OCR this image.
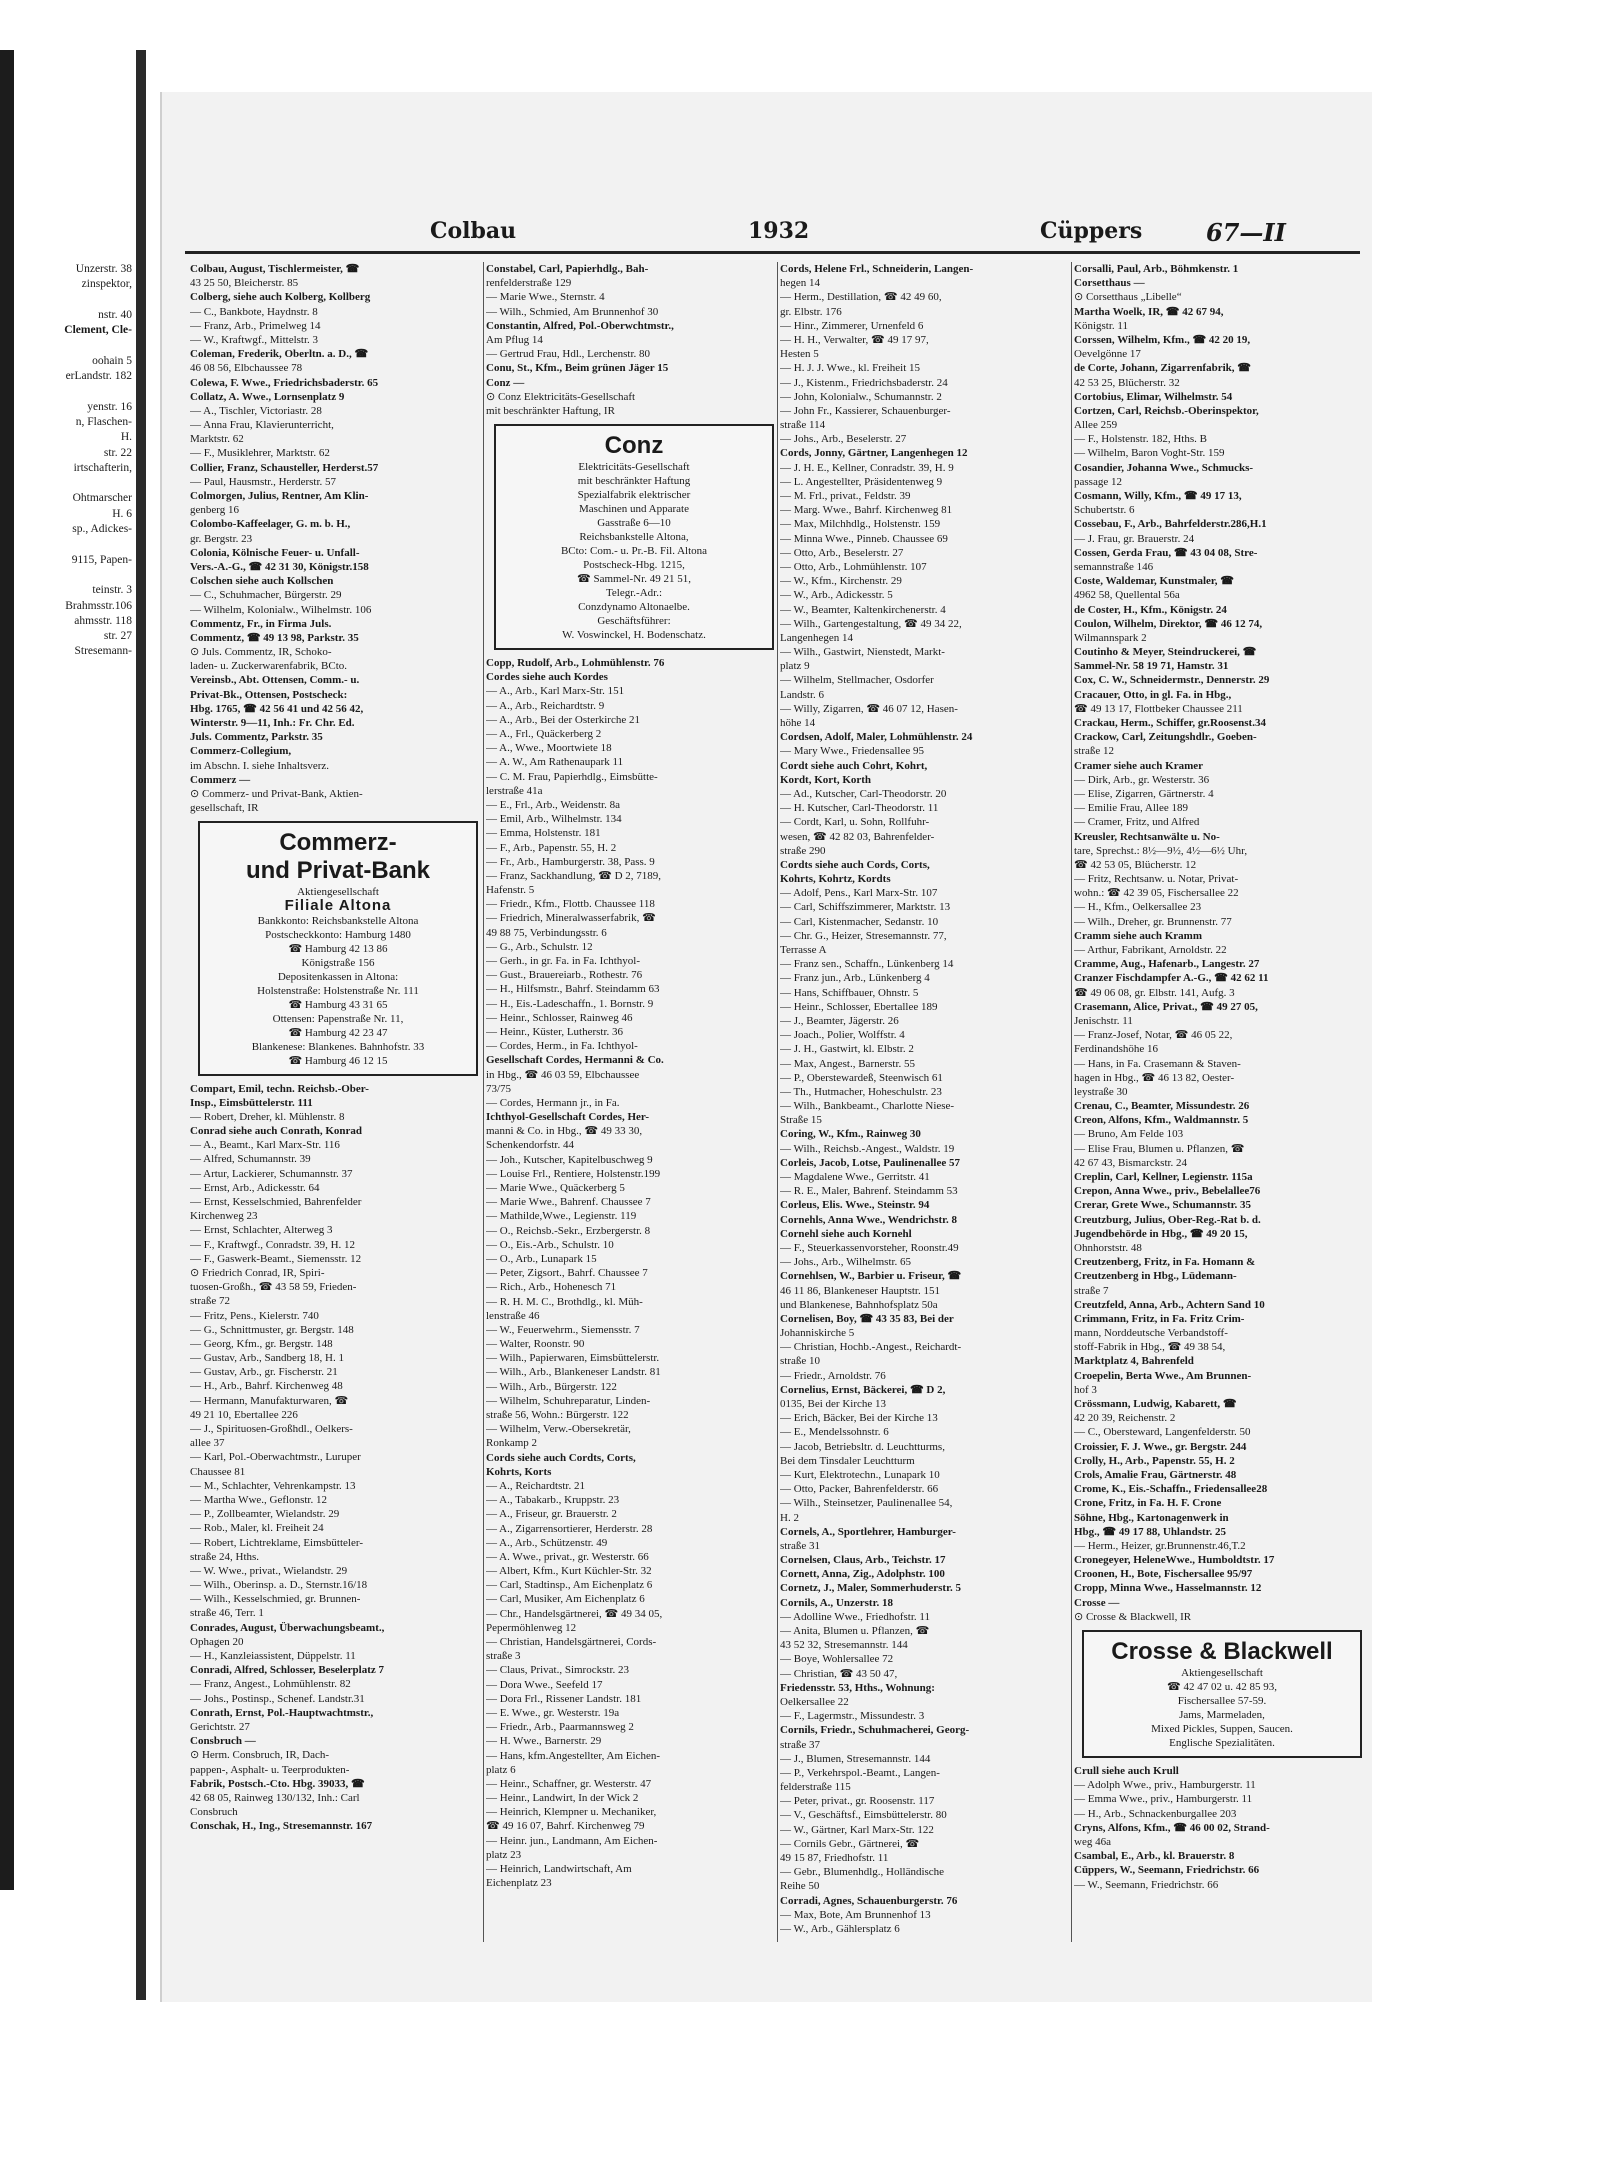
Unzerstr. 38
zinspektor,
nstr. 40
Clement, Cle-
oohain 5
erLandstr. 182
yenstr. 16
n, Flaschen-
H.
str. 22
irtschafterin,
Ohtmarscher
H. 6
sp., Adickes-
9115, Papen-
teinstr. 3
Brahmsstr.106
ahmsstr. 118
str. 27
Stresemann-
Colbau	1932	Cüppers	67—II
Colbau, August, Tischlermeister, ☎
43 25 50, Bleicherstr. 85
Colberg, siehe auch Kolberg, Kollberg
— C., Bankbote, Haydnstr. 8
— Franz, Arb., Primelweg 14
— W., Kraftwgf., Mittelstr. 3
Coleman, Frederik, Oberltn. a. D., ☎
46 08 56, Elbchaussee 78
Colewa, F. Wwe., Friedrichsbaderstr. 65
Collatz, A. Wwe., Lornsenplatz 9
— A., Tischler, Victoriastr. 28
— Anna Frau, Klavierunterricht,
Marktstr. 62
— F., Musiklehrer, Marktstr. 62
Collier, Franz, Schausteller, Herderst.57
— Paul, Hausmstr., Herderstr. 57
Colmorgen, Julius, Rentner, Am Klin-
genberg 16
Colombo-Kaffeelager, G. m. b. H.,
gr. Bergstr. 23
Colonia, Kölnische Feuer- u. Unfall-
Vers.-A.-G., ☎ 42 31 30, Königstr.158
Colschen siehe auch Kollschen
— C., Schuhmacher, Bürgerstr. 29
— Wilhelm, Kolonialw., Wilhelmstr. 106
Commentz, Fr., in Firma Juls.
Commentz, ☎ 49 13 98, Parkstr. 35
⊙ Juls. Commentz, IR, Schoko-
laden- u. Zuckerwarenfabrik, BCto.
Vereinsb., Abt. Ottensen, Comm.- u.
Privat-Bk., Ottensen, Postscheck:
Hbg. 1765, ☎ 42 56 41 und 42 56 42,
Winterstr. 9—11, Inh.: Fr. Chr. Ed.
Juls. Commentz, Parkstr. 35
Commerz-Collegium,
im Abschn. I. siehe Inhaltsverz.
Commerz —
⊙ Commerz- und Privat-Bank, Aktien-
gesellschaft, IR
Commerz-
und Privat-Bank
Aktiengesellschaft
Filiale Altona
Bankkonto: Reichsbankstelle Altona
Postscheckkonto: Hamburg 1480
☎ Hamburg 42 13 86
Königstraße 156
Depositenkassen in Altona:
Holstenstraße: Holstenstraße Nr. 111
☎ Hamburg 43 31 65
Ottensen: Papenstraße Nr. 11,
☎ Hamburg 42 23 47
Blankenese: Blankenes. Bahnhofstr. 33
☎ Hamburg 46 12 15
Compart, Emil, techn. Reichsb.-Ober-
Insp., Eimsbüttelerstr. 111
— Robert, Dreher, kl. Mühlenstr. 8
Conrad siehe auch Conrath, Konrad
— A., Beamt., Karl Marx-Str. 116
— Alfred, Schumannstr. 39
— Artur, Lackierer, Schumannstr. 37
— Ernst, Arb., Adickesstr. 64
— Ernst, Kesselschmied, Bahrenfelder
Kirchenweg 23
— Ernst, Schlachter, Alterweg 3
— F., Kraftwgf., Conradstr. 39, H. 12
— F., Gaswerk-Beamt., Siemensstr. 12
⊙ Friedrich Conrad, IR, Spiri-
tuosen-Großh., ☎ 43 58 59, Frieden-
straße 72
— Fritz, Pens., Kielerstr. 740
— G., Schnittmuster, gr. Bergstr. 148
— Georg, Kfm., gr. Bergstr. 148
— Gustav, Arb., Sandberg 18, H. 1
— Gustav, Arb., gr. Fischerstr. 21
— H., Arb., Bahrf. Kirchenweg 48
— Hermann, Manufakturwaren, ☎
49 21 10, Ebertallee 226
— J., Spirituosen-Großhdl., Oelkers-
allee 37
— Karl, Pol.-Oberwachtmstr., Luruper
Chaussee 81
— M., Schlachter, Vehrenkampstr. 13
— Martha Wwe., Geflonstr. 12
— P., Zollbeamter, Wielandstr. 29
— Rob., Maler, kl. Freiheit 24
— Robert, Lichtreklame, Eimsbütteler-
straße 24, Hths.
— W. Wwe., privat., Wielandstr. 29
— Wilh., Oberinsp. a. D., Sternstr.16/18
— Wilh., Kesselschmied, gr. Brunnen-
straße 46, Terr. 1
Conrades, August, Überwachungsbeamt.,
Ophagen 20
— H., Kanzleiassistent, Düppelstr. 11
Conradi, Alfred, Schlosser, Beselerplatz 7
— Franz, Angest., Lohmühlenstr. 82
— Johs., Postinsp., Schenef. Landstr.31
Conrath, Ernst, Pol.-Hauptwachtmstr.,
Gerichtstr. 27
Consbruch —
⊙ Herm. Consbruch, IR, Dach-
pappen-, Asphalt- u. Teerprodukten-
Fabrik, Postsch.-Cto. Hbg. 39033, ☎
42 68 05, Rainweg 130/132, Inh.: Carl
Consbruch
Conschak, H., Ing., Stresemannstr. 167
Constabel, Carl, Papierhdlg., Bah-
renfelderstraße 129
— Marie Wwe., Sternstr. 4
— Wilh., Schmied, Am Brunnenhof 30
Constantin, Alfred, Pol.-Oberwchtmstr.,
Am Pflug 14
— Gertrud Frau, Hdl., Lerchenstr. 80
Conu, St., Kfm., Beim grünen Jäger 15
Conz —
⊙ Conz Elektricitäts-Gesellschaft
mit beschränkter Haftung, IR
Conz
Elektricitäts-Gesellschaft
mit beschränkter Haftung
Spezialfabrik elektrischer
Maschinen und Apparate
Gasstraße 6—10
Reichsbankstelle Altona,
BCto: Com.- u. Pr.-B. Fil. Altona
Postscheck-Hbg. 1215,
☎ Sammel-Nr. 49 21 51,
Telegr.-Adr.:
Conzdynamo Altonaelbe.
Geschäftsführer:
W. Voswinckel, H. Bodenschatz.
Copp, Rudolf, Arb., Lohmühlenstr. 76
Cordes siehe auch Kordes
— A., Arb., Karl Marx-Str. 151
— A., Arb., Reichardtstr. 9
— A., Arb., Bei der Osterkirche 21
— A., Frl., Quäckerberg 2
— A., Wwe., Moortwiete 18
— A. W., Am Rathenaupark 11
— C. M. Frau, Papierhdlg., Eimsbütte-
lerstraße 41a
— E., Frl., Arb., Weidenstr. 8a
— Emil, Arb., Wilhelmstr. 134
— Emma, Holstenstr. 181
— F., Arb., Papenstr. 55, H. 2
— Fr., Arb., Hamburgerstr. 38, Pass. 9
— Franz, Sackhandlung, ☎ D 2, 7189,
Hafenstr. 5
— Friedr., Kfm., Flottb. Chaussee 118
— Friedrich, Mineralwasserfabrik, ☎
49 88 75, Verbindungsstr. 6
— G., Arb., Schulstr. 12
— Gerh., in gr. Fa. in Fa. Ichthyol-
— Gust., Brauereiarb., Rothestr. 76
— H., Hilfsmstr., Bahrf. Steindamm 63
— H., Eis.-Ladeschaffn., 1. Bornstr. 9
— Heinr., Schlosser, Rainweg 46
— Heinr., Küster, Lutherstr. 36
— Cordes, Herm., in Fa. Ichthyol-
Gesellschaft Cordes, Hermanni & Co.
in Hbg., ☎ 46 03 59, Elbchaussee
73/75
— Cordes, Hermann jr., in Fa.
Ichthyol-Gesellschaft Cordes, Her-
manni & Co. in Hbg., ☎ 49 33 30,
Schenkendorfstr. 44
— Joh., Kutscher, Kapitelbuschweg 9
— Louise Frl., Rentiere, Holstenstr.199
— Marie Wwe., Quäckerberg 5
— Marie Wwe., Bahrenf. Chaussee 7
— Mathilde,Wwe., Legienstr. 119
— O., Reichsb.-Sekr., Erzbergerstr. 8
— O., Eis.-Arb., Schulstr. 10
— O., Arb., Lunapark 15
— Peter, Zigsort., Bahrf. Chaussee 7
— Rich., Arb., Hohenesch 71
— R. H. M. C., Brothdlg., kl. Müh-
lenstraße 46
— W., Feuerwehrm., Siemensstr. 7
— Walter, Roonstr. 90
— Wilh., Papierwaren, Eimsbüttelerstr.
— Wilh., Arb., Blankeneser Landstr. 81
— Wilh., Arb., Bürgerstr. 122
— Wilhelm, Schuhreparatur, Linden-
straße 56, Wohn.: Bürgerstr. 122
— Wilhelm, Verw.-Obersekretär,
Ronkamp 2
Cords siehe auch Cordts, Corts,
Kohrts, Korts
— A., Reichardtstr. 21
— A., Tabakarb., Kruppstr. 23
— A., Friseur, gr. Brauerstr. 2
— A., Zigarrensortierer, Herderstr. 28
— A., Arb., Schützenstr. 49
— A. Wwe., privat., gr. Westerstr. 66
— Albert, Kfm., Kurt Küchler-Str. 32
— Carl, Stadtinsp., Am Eichenplatz 6
— Carl, Musiker, Am Eichenplatz 6
— Chr., Handelsgärtnerei, ☎ 49 34 05,
Pepermöhlenweg 12
— Christian, Handelsgärtnerei, Cords-
straße 3
— Claus, Privat., Simrockstr. 23
— Dora Wwe., Seefeld 17
— Dora Frl., Rissener Landstr. 181
— E. Wwe., gr. Westerstr. 19a
— Friedr., Arb., Paarmannsweg 2
— H. Wwe., Barnerstr. 29
— Hans, kfm.Angestellter, Am Eichen-
platz 6
— Heinr., Schaffner, gr. Westerstr. 47
— Heinr., Landwirt, In der Wick 2
— Heinrich, Klempner u. Mechaniker,
☎ 49 16 07, Bahrf. Kirchenweg 79
— Heinr. jun., Landmann, Am Eichen-
platz 23
— Heinrich, Landwirtschaft, Am
Eichenplatz 23
Cords, Helene Frl., Schneiderin, Langen-
hegen 14
— Herm., Destillation, ☎ 42 49 60,
gr. Elbstr. 176
— Hinr., Zimmerer, Urnenfeld 6
— H. H., Verwalter, ☎ 49 17 97,
Hesten 5
— H. J. J. Wwe., kl. Freiheit 15
— J., Kistenm., Friedrichsbaderstr. 24
— John, Kolonialw., Schumannstr. 2
— John Fr., Kassierer, Schauenburger-
straße 114
— Johs., Arb., Beselerstr. 27
Cords, Jonny, Gärtner, Langenhegen 12
— J. H. E., Kellner, Conradstr. 39, H. 9
— L. Angestellter, Präsidentenweg 9
— M. Frl., privat., Feldstr. 39
— Marg. Wwe., Bahrf. Kirchenweg 81
— Max, Milchhdlg., Holstenstr. 159
— Minna Wwe., Pinneb. Chaussee 69
— Otto, Arb., Beselerstr. 27
— Otto, Arb., Lohmühlenstr. 107
— W., Kfm., Kirchenstr. 29
— W., Arb., Adickesstr. 5
— W., Beamter, Kaltenkirchenerstr. 4
— Wilh., Gartengestaltung, ☎ 49 34 22,
Langenhegen 14
— Wilh., Gastwirt, Nienstedt, Markt-
platz 9
— Wilhelm, Stellmacher, Osdorfer
Landstr. 6
— Willy, Zigarren, ☎ 46 07 12, Hasen-
höhe 14
Cordsen, Adolf, Maler, Lohmühlenstr. 24
— Mary Wwe., Friedensallee 95
Cordt siehe auch Cohrt, Kohrt,
Kordt, Kort, Korth
— Ad., Kutscher, Carl-Theodorstr. 20
— H. Kutscher, Carl-Theodorstr. 11
— Cordt, Karl, u. Sohn, Rollfuhr-
wesen, ☎ 42 82 03, Bahrenfelder-
straße 290
Cordts siehe auch Cords, Corts,
Kohrts, Kohrtz, Kordts
— Adolf, Pens., Karl Marx-Str. 107
— Carl, Schiffszimmerer, Marktstr. 13
— Carl, Kistenmacher, Sedanstr. 10
— Chr. G., Heizer, Stresemannstr. 77,
Terrasse A
— Franz sen., Schaffn., Lünkenberg 14
— Franz jun., Arb., Lünkenberg 4
— Hans, Schiffbauer, Ohnstr. 5
— Heinr., Schlosser, Ebertallee 189
— J., Beamter, Jägerstr. 26
— Joach., Polier, Wolffstr. 4
— J. H., Gastwirt, kl. Elbstr. 2
— Max, Angest., Barnerstr. 55
— P., Oberstewardeß, Steenwisch 61
— Th., Hutmacher, Hoheschulstr. 23
— Wilh., Bankbeamt., Charlotte Niese-
Straße 15
Coring, W., Kfm., Rainweg 30
— Wilh., Reichsb.-Angest., Waldstr. 19
Corleis, Jacob, Lotse, Paulinenallee 57
— Magdalene Wwe., Gerritstr. 41
— R. E., Maler, Bahrenf. Steindamm 53
Corleus, Elis. Wwe., Steinstr. 94
Cornehls, Anna Wwe., Wendrichstr. 8
Cornehl siehe auch Kornehl
— F., Steuerkassenvorsteher, Roonstr.49
— Johs., Arb., Wilhelmstr. 65
Cornehlsen, W., Barbier u. Friseur, ☎
46 11 86, Blankeneser Hauptstr. 151
und Blankenese, Bahnhofsplatz 50a
Cornelisen, Boy, ☎ 43 35 83, Bei der
Johanniskirche 5
— Christian, Hochb.-Angest., Reichardt-
straße 10
— Friedr., Arnoldstr. 76
Cornelius, Ernst, Bäckerei, ☎ D 2,
0135, Bei der Kirche 13
— Erich, Bäcker, Bei der Kirche 13
— E., Mendelssohnstr. 6
— Jacob, Betriebsltr. d. Leuchtturms,
Bei dem Tinsdaler Leuchtturm
— Kurt, Elektrotechn., Lunapark 10
— Otto, Packer, Bahrenfelderstr. 66
— Wilh., Steinsetzer, Paulinenallee 54,
H. 2
Cornels, A., Sportlehrer, Hamburger-
straße 31
Cornelsen, Claus, Arb., Teichstr. 17
Cornett, Anna, Zig., Adolphstr. 100
Cornetz, J., Maler, Sommerhuderstr. 5
Cornils, A., Unzerstr. 18
— Adolline Wwe., Friedhofstr. 11
— Anita, Blumen u. Pflanzen, ☎
43 52 32, Stresemannstr. 144
— Boye, Wohlersallee 72
— Christian, ☎ 43 50 47,
Friedensstr. 53, Hths., Wohnung:
Oelkersallee 22
— F., Lagermstr., Missundestr. 3
Cornils, Friedr., Schuhmacherei, Georg-
straße 37
— J., Blumen, Stresemannstr. 144
— P., Verkehrspol.-Beamt., Langen-
felderstraße 115
— Peter, privat., gr. Roosenstr. 117
— V., Geschäftsf., Eimsbüttelerstr. 80
— W., Gärtner, Karl Marx-Str. 122
— Cornils Gebr., Gärtnerei, ☎
49 15 87, Friedhofstr. 11
— Gebr., Blumenhdlg., Holländische
Reihe 50
Corradi, Agnes, Schauenburgerstr. 76
— Max, Bote, Am Brunnenhof 13
— W., Arb., Gählersplatz 6
Corsalli, Paul, Arb., Böhmkenstr. 1
Corsetthaus —
⊙ Corsetthaus „Libelle“
Martha Woelk, IR, ☎ 42 67 94,
Königstr. 11
Corssen, Wilhelm, Kfm., ☎ 42 20 19,
Oevelgönne 17
de Corte, Johann, Zigarrenfabrik, ☎
42 53 25, Blücherstr. 32
Cortobius, Elimar, Wilhelmstr. 54
Cortzen, Carl, Reichsb.-Oberinspektor,
Allee 259
— F., Holstenstr. 182, Hths. B
— Wilhelm, Baron Voght-Str. 159
Cosandier, Johanna Wwe., Schmucks-
passage 12
Cosmann, Willy, Kfm., ☎ 49 17 13,
Schubertstr. 6
Cossebau, F., Arb., Bahrfelderstr.286,H.1
— J. Frau, gr. Brauerstr. 24
Cossen, Gerda Frau, ☎ 43 04 08, Stre-
semannstraße 146
Coste, Waldemar, Kunstmaler, ☎
4962 58, Quellental 56a
de Coster, H., Kfm., Königstr. 24
Coulon, Wilhelm, Direktor, ☎ 46 12 74,
Wilmannspark 2
Coutinho & Meyer, Steindruckerei, ☎
Sammel-Nr. 58 19 71, Hamstr. 31
Cox, C. W., Schneidermstr., Dennerstr. 29
Cracauer, Otto, in gl. Fa. in Hbg.,
☎ 49 13 17, Flottbeker Chaussee 211
Crackau, Herm., Schiffer, gr.Roosenst.34
Crackow, Carl, Zeitungshdlr., Goeben-
straße 12
Cramer siehe auch Kramer
— Dirk, Arb., gr. Westerstr. 36
— Elise, Zigarren, Gärtnerstr. 4
— Emilie Frau, Allee 189
— Cramer, Fritz, und Alfred
Kreusler, Rechtsanwälte u. No-
tare, Sprechst.: 8½—9½, 4½—6½ Uhr,
☎ 42 53 05, Blücherstr. 12
— Fritz, Rechtsanw. u. Notar, Privat-
wohn.: ☎ 42 39 05, Fischersallee 22
— H., Kfm., Oelkersallee 23
— Wilh., Dreher, gr. Brunnenstr. 77
Cramm siehe auch Kramm
— Arthur, Fabrikant, Arnoldstr. 22
Cramme, Aug., Hafenarb., Langestr. 27
Cranzer Fischdampfer A.-G., ☎ 42 62 11
☎ 49 06 08, gr. Elbstr. 141, Aufg. 3
Crasemann, Alice, Privat., ☎ 49 27 05,
Jenischstr. 11
— Franz-Josef, Notar, ☎ 46 05 22,
Ferdinandshöhe 16
— Hans, in Fa. Crasemann & Staven-
hagen in Hbg., ☎ 46 13 82, Oester-
leystraße 30
Crenau, C., Beamter, Missundestr. 26
Creon, Alfons, Kfm., Waldmannstr. 5
— Bruno, Am Felde 103
— Elise Frau, Blumen u. Pflanzen, ☎
42 67 43, Bismarckstr. 24
Creplin, Carl, Kellner, Legienstr. 115a
Crepon, Anna Wwe., priv., Bebelallee76
Crerar, Grete Wwe., Schumannstr. 35
Creutzburg, Julius, Ober-Reg.-Rat b. d.
Jugendbehörde in Hbg., ☎ 49 20 15,
Ohnhorststr. 48
Creutzenberg, Fritz, in Fa. Homann &
Creutzenberg in Hbg., Lüdemann-
straße 7
Creutzfeld, Anna, Arb., Achtern Sand 10
Crimmann, Fritz, in Fa. Fritz Crim-
mann, Norddeutsche Verbandstoff-
stoff-Fabrik in Hbg., ☎ 49 38 54,
Marktplatz 4, Bahrenfeld
Croepelin, Berta Wwe., Am Brunnen-
hof 3
Crössmann, Ludwig, Kabarett, ☎
42 20 39, Reichenstr. 2
— C., Obersteward, Langenfelderstr. 50
Croissier, F. J. Wwe., gr. Bergstr. 244
Crolly, H., Arb., Papenstr. 55, H. 2
Crols, Amalie Frau, Gärtnerstr. 48
Crome, K., Eis.-Schaffn., Friedensallee28
Crone, Fritz, in Fa. H. F. Crone
Söhne, Hbg., Kartonagenwerk in
Hbg., ☎ 49 17 88, Uhlandstr. 25
— Herm., Heizer, gr.Brunnenstr.46,T.2
Cronegeyer, HeleneWwe., Humboldtstr. 17
Croonen, H., Bote, Fischersallee 95/97
Cropp, Minna Wwe., Hasselmannstr. 12
Crosse —
⊙ Crosse & Blackwell, IR
Crosse & Blackwell
Aktiengesellschaft
☎ 42 47 02 u. 42 85 93,
Fischersallee 57-59.
Jams, Marmeladen,
Mixed Pickles, Suppen, Saucen.
Englische Spezialitäten.
Crull siehe auch Krull
— Adolph Wwe., priv., Hamburgerstr. 11
— Emma Wwe., priv., Hamburgerstr. 11
— H., Arb., Schnackenburgallee 203
Cryns, Alfons, Kfm., ☎ 46 00 02, Strand-
weg 46a
Csambal, E., Arb., kl. Brauerstr. 8
Cüppers, W., Seemann, Friedrichstr. 66
— W., Seemann, Friedrichstr. 66
